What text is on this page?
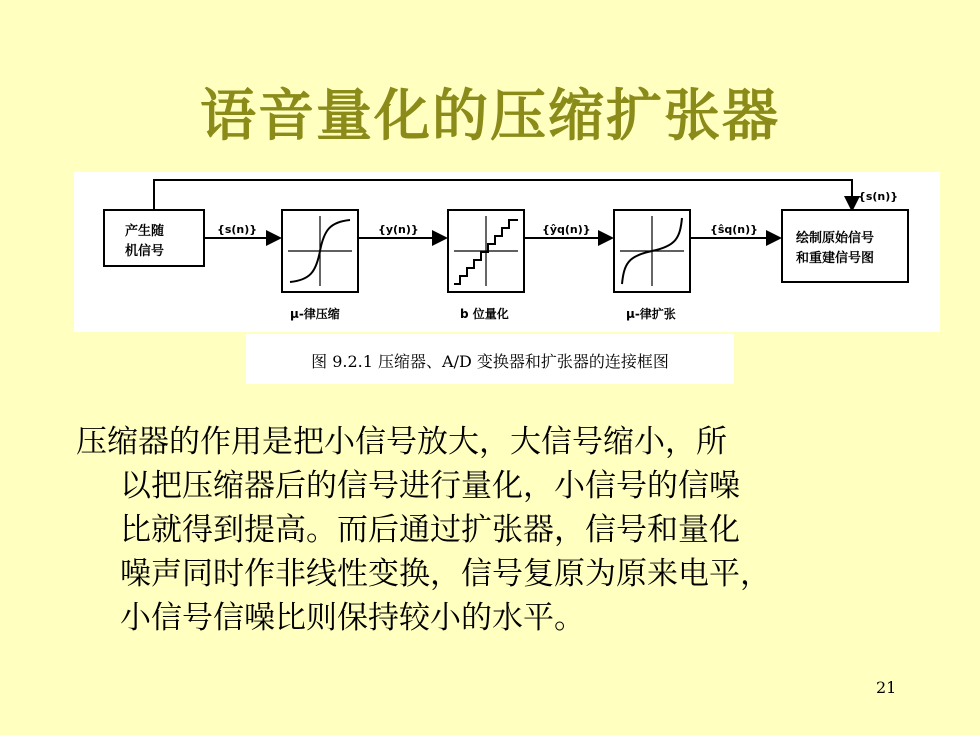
语音量化的压缩扩张器
{s(n)}
产生随
机信号
{s(n)}
μ-律压缩
{y(n)}
b 位量化
{ŷq(n)}
μ-律扩张
{ŝq(n)}
绘制原始信号
和重建信号图
图 9.2.1 压缩器、A/D 变换器和扩张器的连接框图

压缩器的作用是把小信号放大，大信号缩小，所

以把压缩器后的信号进行量化，小信号的信噪

比就得到提高。而后通过扩张器，信号和量化

噪声同时作非线性变换，信号复原为原来电平，

小信号信噪比则保持较小的水平。

21
